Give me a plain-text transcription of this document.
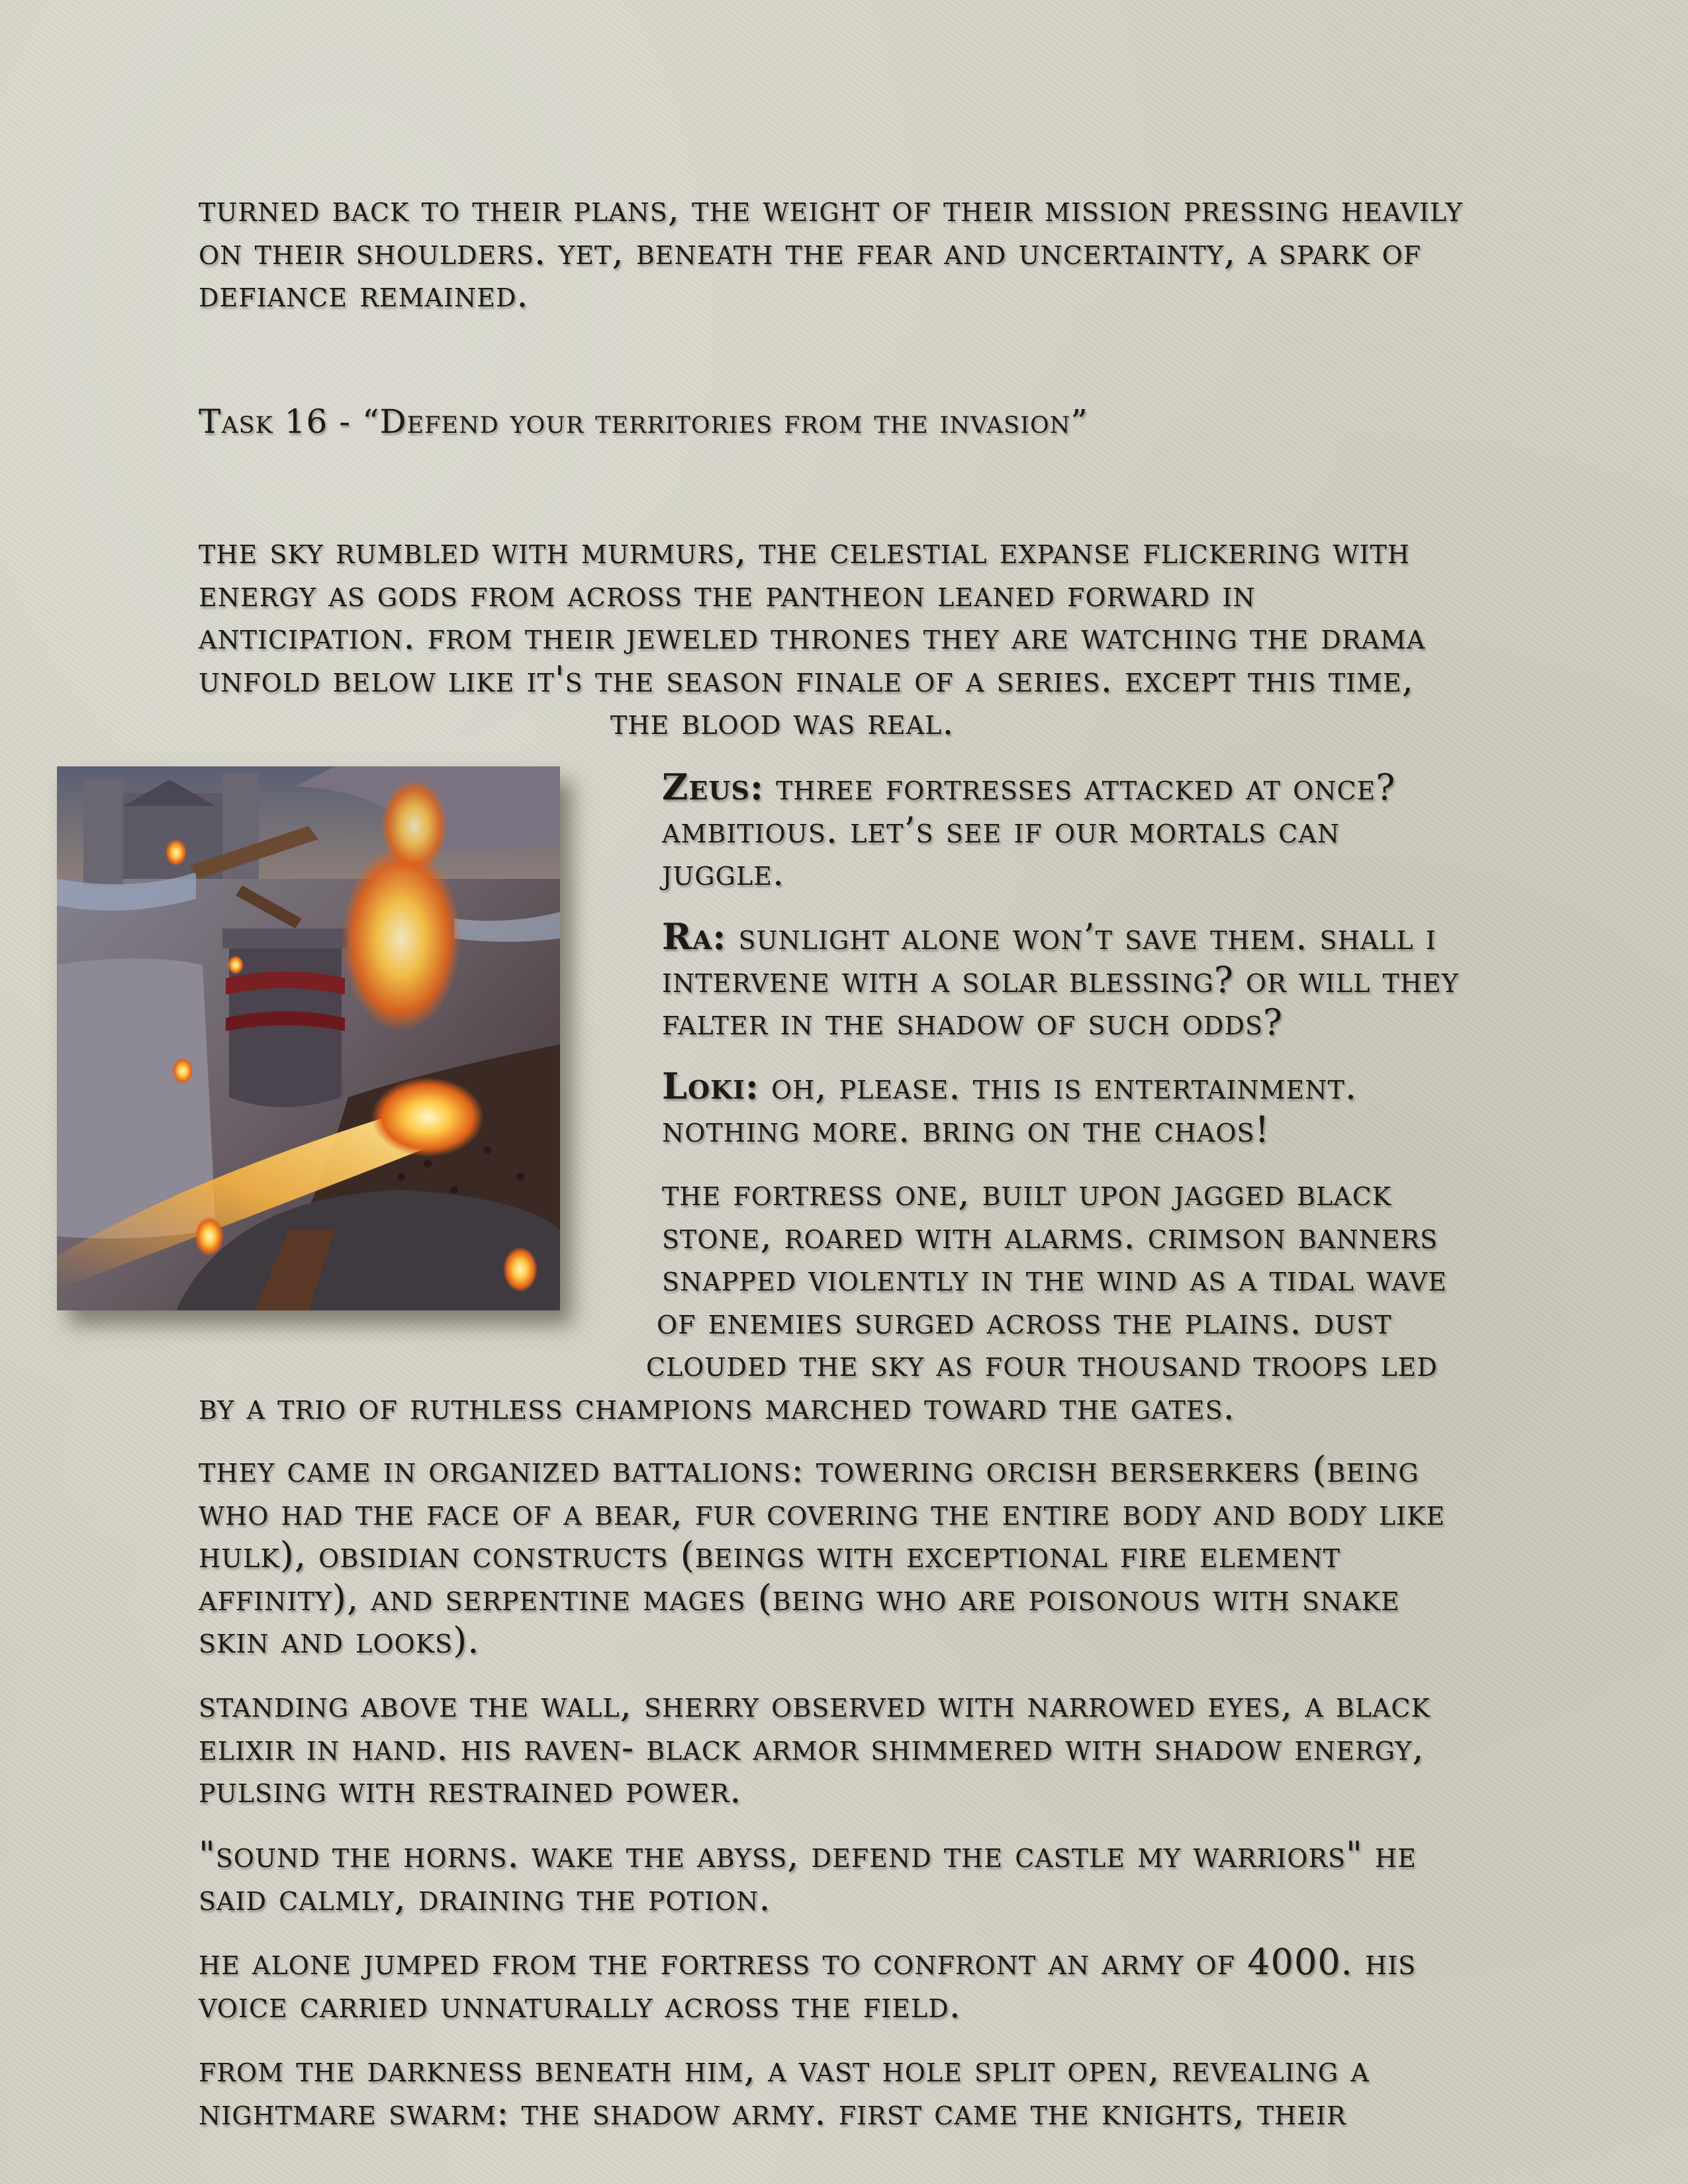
turned back to their plans, the weight of their mission pressing heavily
on their shoulders. yet, beneath the fear and uncertainty, a spark of
defiance remained.
Task 16 - “Defend your territories from the invasion”
the sky rumbled with murmurs, the celestial expanse flickering with
energy as gods from across the pantheon leaned forward in
anticipation. from their jeweled thrones they are watching the drama
unfold below like it's the season finale of a series. except this time,
the blood was real.
Zeus: three fortresses attacked at once?
ambitious. let’s see if our mortals can
juggle.
Ra: sunlight alone won’t save them. shall i
intervene with a solar blessing? or will they
falter in the shadow of such odds?
Loki: oh, please. this is entertainment.
nothing more. bring on the chaos!
the fortress one, built upon jagged black
stone, roared with alarms. crimson banners
snapped violently in the wind as a tidal wave
of enemies surged across the plains. dust
clouded the sky as four thousand troops led
by a trio of ruthless champions marched toward the gates.
they came in organized battalions: towering orcish berserkers (being
who had the face of a bear, fur covering the entire body and body like
hulk), obsidian constructs (beings with exceptional fire element
affinity), and serpentine mages (being who are poisonous with snake
skin and looks).
standing above the wall, sherry observed with narrowed eyes, a black
elixir in hand. his raven- black armor shimmered with shadow energy,
pulsing with restrained power.
"sound the horns. wake the abyss, defend the castle my warriors" he
said calmly, draining the potion.
he alone jumped from the fortress to confront an army of 4000. his
voice carried unnaturally across the field.
from the darkness beneath him, a vast hole split open, revealing a
nightmare swarm: the shadow army. first came the knights, their
